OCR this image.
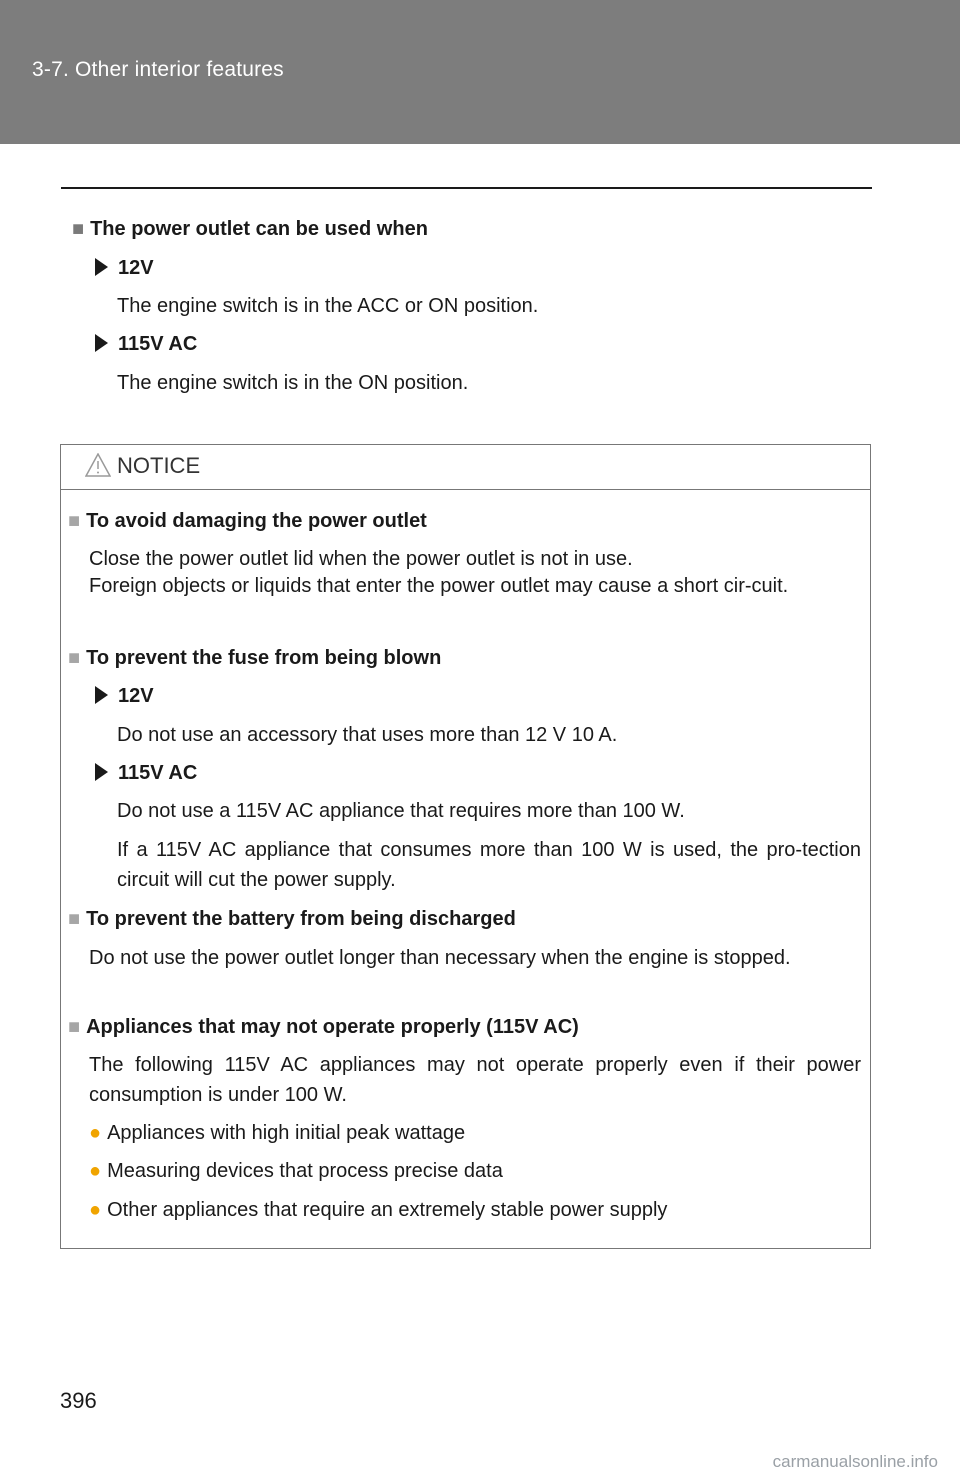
3-7. Other interior features
■ The power outlet can be used when
12V
The engine switch is in the ACC or ON position.
115V AC
The engine switch is in the ON position.
NOTICE
■ To avoid damaging the power outlet
Close the power outlet lid when the power outlet is not in use.
Foreign objects or liquids that enter the power outlet may cause a short cir-cuit.
■ To prevent the fuse from being blown
12V
Do not use an accessory that uses more than 12 V 10 A.
115V AC
Do not use a 115V AC appliance that requires more than 100 W.
If a 115V AC appliance that consumes more than 100 W is used, the pro-tection circuit will cut the power supply.
■ To prevent the battery from being discharged
Do not use the power outlet longer than necessary when the engine is stopped.
■ Appliances that may not operate properly (115V AC)
The following 115V AC appliances may not operate properly even if their power consumption is under 100 W.
● Appliances with high initial peak wattage
● Measuring devices that process precise data
● Other appliances that require an extremely stable power supply
396
carmanualsonline.info
